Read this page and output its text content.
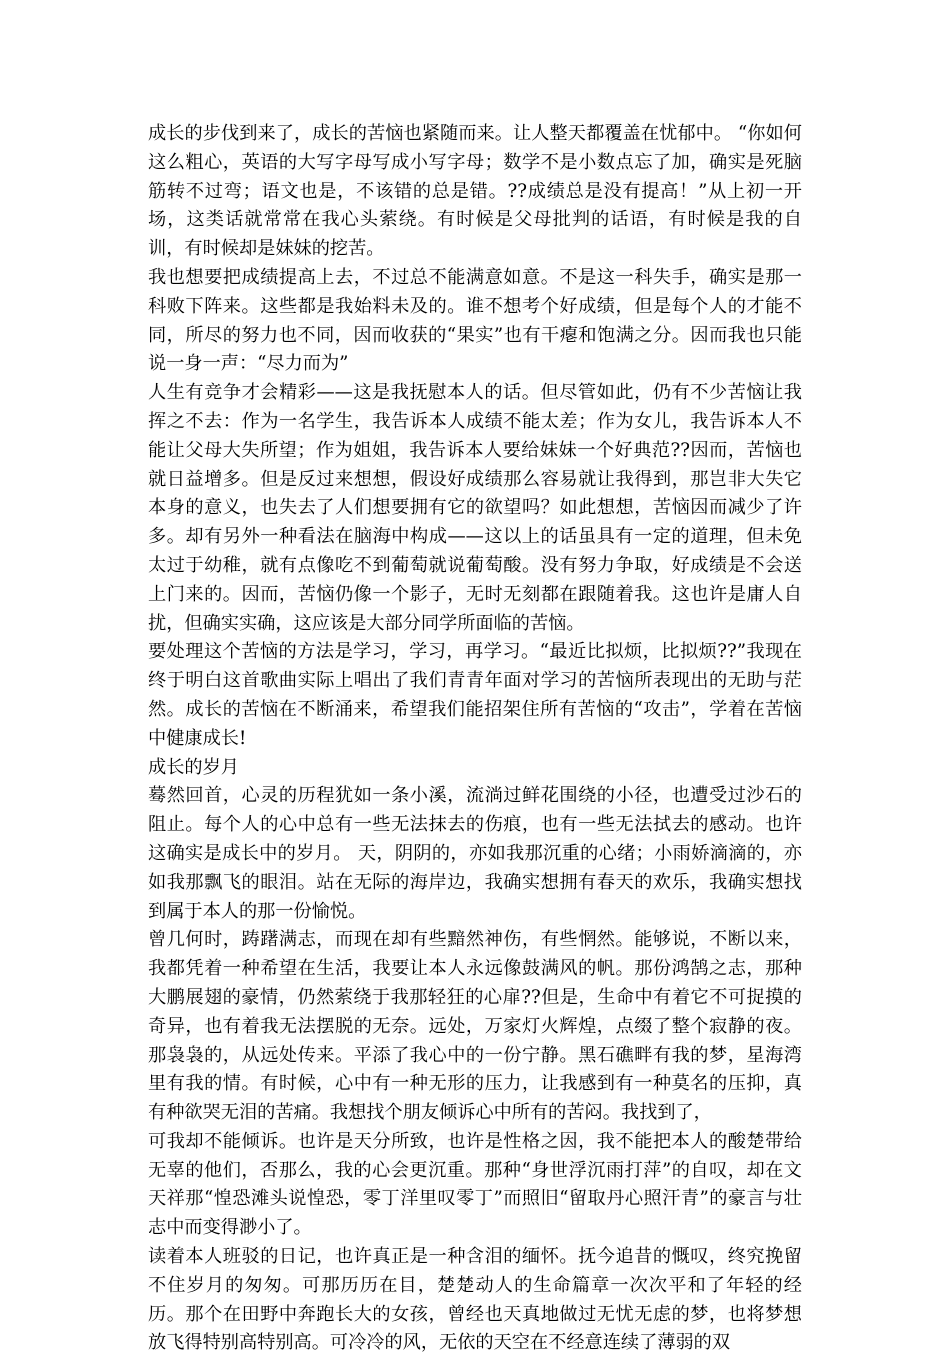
成长的步伐到来了，成长的苦恼也紧随而来。让人整天都覆盖在忧郁中。 “你如何这么粗心，英语的大写字母写成小写字母；数学不是小数点忘了加，确实是死脑筋转不过弯；语文也是，不该错的总是错。??成绩总是没有提高！”从上初一开场，这类话就常常在我心头萦绕。有时候是父母批判的话语，有时候是我的自训，有时候却是妹妹的挖苦。

我也想要把成绩提高上去，不过总不能满意如意。不是这一科失手，确实是那一科败下阵来。这些都是我始料未及的。谁不想考个好成绩，但是每个人的才能不同，所尽的努力也不同，因而收获的“果实”也有干瘪和饱满之分。因而我也只能说一身一声：“尽力而为”

人生有竞争才会精彩——这是我抚慰本人的话。但尽管如此，仍有不少苦恼让我挥之不去：作为一名学生，我告诉本人成绩不能太差；作为女儿，我告诉本人不能让父母大失所望；作为姐姐，我告诉本人要给妹妹一个好典范??因而，苦恼也就日益增多。但是反过来想想，假设好成绩那么容易就让我得到，那岂非大失它本身的意义，也失去了人们想要拥有它的欲望吗？如此想想，苦恼因而减少了许多。却有另外一种看法在脑海中构成——这以上的话虽具有一定的道理，但未免太过于幼稚，就有点像吃不到葡萄就说葡萄酸。没有努力争取，好成绩是不会送上门来的。因而，苦恼仍像一个影子，无时无刻都在跟随着我。这也许是庸人自扰，但确实实确，这应该是大部分同学所面临的苦恼。

要处理这个苦恼的方法是学习，学习，再学习。“最近比拟烦，比拟烦??”我现在终于明白这首歌曲实际上唱出了我们青青年面对学习的苦恼所表现出的无助与茫然。成长的苦恼在不断涌来，希望我们能招架住所有苦恼的“攻击”，学着在苦恼中健康成长!

成长的岁月

蓦然回首，心灵的历程犹如一条小溪，流淌过鲜花围绕的小径，也遭受过沙石的阻止。每个人的心中总有一些无法抹去的伤痕，也有一些无法拭去的感动。也许这确实是成长中的岁月。 天，阴阴的，亦如我那沉重的心绪；小雨娇滴滴的，亦如我那飘飞的眼泪。站在无际的海岸边，我确实想拥有春天的欢乐，我确实想找到属于本人的那一份愉悦。

曾几何时，踌躇满志，而现在却有些黯然神伤，有些惘然。能够说，不断以来，我都凭着一种希望在生活，我要让本人永远像鼓满风的帆。那份鸿鹄之志，那种大鹏展翅的豪情，仍然萦绕于我那轻狂的心扉??但是，生命中有着它不可捉摸的奇异，也有着我无法摆脱的无奈。远处，万家灯火辉煌，点缀了整个寂静的夜。那袅袅的，从远处传来。平添了我心中的一份宁静。黑石礁畔有我的梦，星海湾里有我的情。有时候，心中有一种无形的压力，让我感到有一种莫名的压抑，真有种欲哭无泪的苦痛。我想找个朋友倾诉心中所有的苦闷。我找到了，

可我却不能倾诉。也许是天分所致，也许是性格之因，我不能把本人的酸楚带给无辜的他们，否那么，我的心会更沉重。那种“身世浮沉雨打萍”的自叹，却在文天祥那“惶恐滩头说惶恐，零丁洋里叹零丁”而照旧“留取丹心照汗青”的豪言与壮志中而变得渺小了。

读着本人班驳的日记，也许真正是一种含泪的缅怀。抚今追昔的慨叹，终究挽留不住岁月的匆匆。可那历历在目，楚楚动人的生命篇章一次次平和了年轻的经历。那个在田野中奔跑长大的女孩，曾经也天真地做过无忧无虑的梦，也将梦想放飞得特别高特别高。可冷冷的风，无依的天空在不经意连续了薄弱的双
